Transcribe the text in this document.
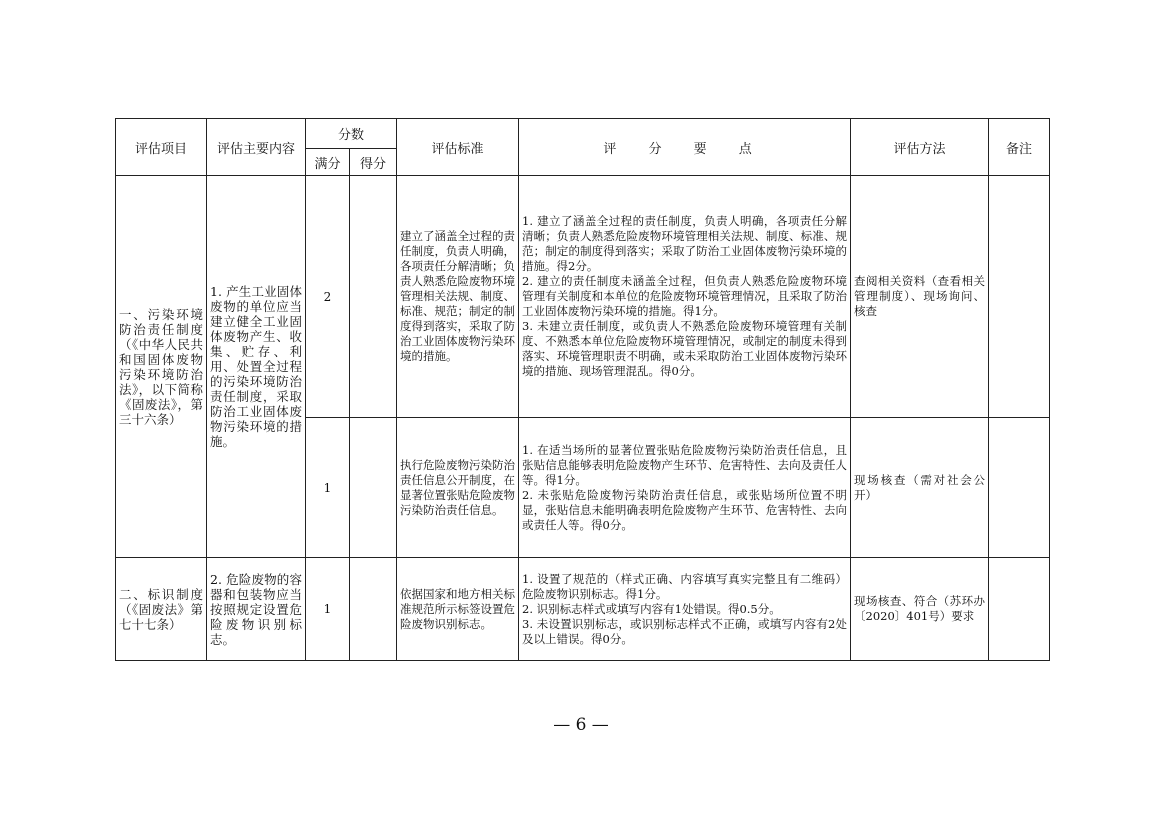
评估项目	评估主要内容	分数		评估标准	评 分 要 点	评估方法	备注
		满分	得分				
一、污染环境防治责任制度（《中华人民共和国固体废物污染环境防治法》，以下简称《固废法》，第三十六条）	1. 产生工业固体废物的单位应当建立健全工业固体废物产生、收集、贮存、利用、处置全过程的污染环境防治责任制度，采取防治工业固体废物污染环境的措施。	2		建立了涵盖全过程的责任制度，负责人明确，各项责任分解清晰；负责人熟悉危险废物环境管理相关法规、制度、标准、规范；制定的制度得到落实，采取了防治工业固体废物污染环境的措施。	1. 建立了涵盖全过程的责任制度，负责人明确，各项责任分解清晰；负责人熟悉危险废物环境管理相关法规、制度、标准、规范；制定的制度得到落实；采取了防治工业固体废物污染环境的措施。得2分。
2. 建立的责任制度未涵盖全过程，但负责人熟悉危险废物环境管理有关制度和本单位的危险废物环境管理情况，且采取了防治工业固体废物污染环境的措施。得1分。
3. 未建立责任制度，或负责人不熟悉危险废物环境管理有关制度、不熟悉本单位危险废物环境管理情况，或制定的制度未得到落实、环境管理职责不明确，或未采取防治工业固体废物污染环境的措施、现场管理混乱。得0分。	查阅相关资料（查看相关管理制度）、现场询问、核查	
		1		执行危险废物污染防治责任信息公开制度，在显著位置张贴危险废物污染防治责任信息。	1. 在适当场所的显著位置张贴危险废物污染防治责任信息，且张贴信息能够表明危险废物产生环节、危害特性、去向及责任人等。得1分。
2. 未张贴危险废物污染防治责任信息，或张贴场所位置不明显，张贴信息未能明确表明危险废物产生环节、危害特性、去向或责任人等。得0分。	现场核查（需对社会公开）	
二、标识制度（《固废法》第七十七条）	2. 危险废物的容器和包装物应当按照规定设置危险废物识别标志。	1		依据国家和地方相关标准规范所示标签设置危险废物识别标志。	1. 设置了规范的（样式正确、内容填写真实完整且有二维码）危险废物识别标志。得1分。
2. 识别标志样式或填写内容有1处错误。得0.5分。
3. 未设置识别标志，或识别标志样式不正确，或填写内容有2处及以上错误。得0分。	现场核查、符合（苏环办〔2020〕401号）要求	
— 6 —
